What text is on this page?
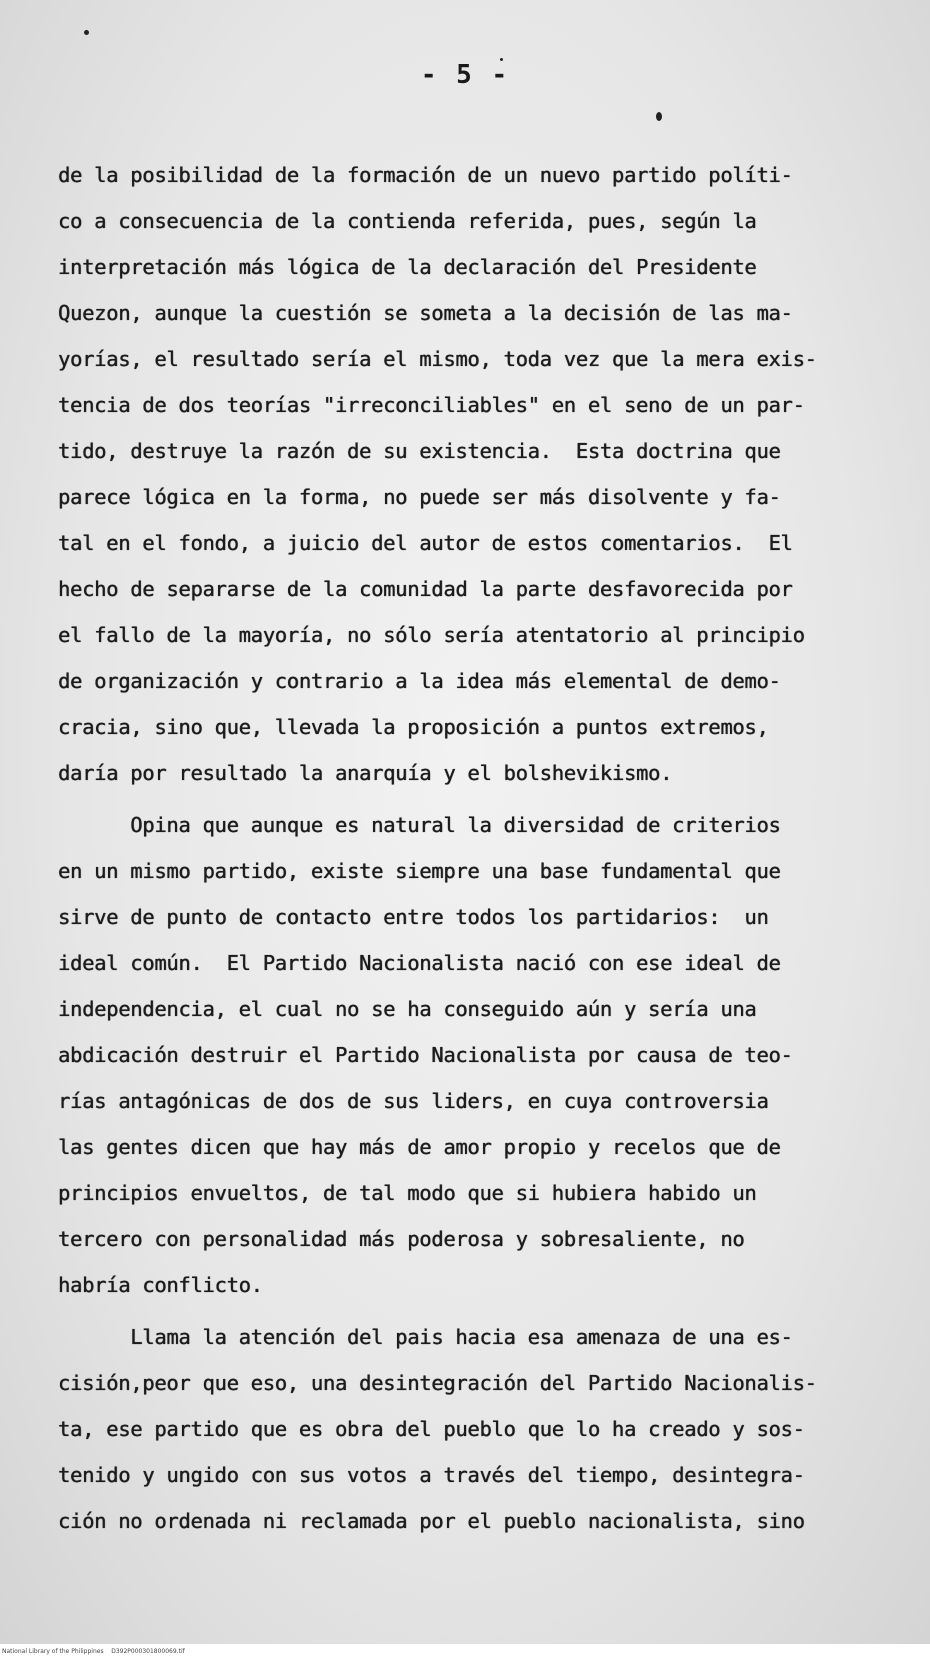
- 5 -
de la posibilidad de la formación de un nuevo partido políti-
co a consecuencia de la contienda referida, pues, según la
interpretación más lógica de la declaración del Presidente
Quezon, aunque la cuestión se someta a la decisión de las ma-
yorías, el resultado sería el mismo, toda vez que la mera exis-
tencia de dos teorías "irreconciliables" en el seno de un par-
tido, destruye la razón de su existencia.  Esta doctrina que
parece lógica en la forma, no puede ser más disolvente y fa-
tal en el fondo, a juicio del autor de estos comentarios.  El
hecho de separarse de la comunidad la parte desfavorecida por
el fallo de la mayoría, no sólo sería atentatorio al principio
de organización y contrario a la idea más elemental de demo-
cracia, sino que, llevada la proposición a puntos extremos,
daría por resultado la anarquía y el bolshevikismo.
Opina que aunque es natural la diversidad de criterios
en un mismo partido, existe siempre una base fundamental que
sirve de punto de contacto entre todos los partidarios:  un
ideal común.  El Partido Nacionalista nació con ese ideal de
independencia, el cual no se ha conseguido aún y sería una
abdicación destruir el Partido Nacionalista por causa de teo-
rías antagónicas de dos de sus liders, en cuya controversia
las gentes dicen que hay más de amor propio y recelos que de
principios envueltos, de tal modo que si hubiera habido un
tercero con personalidad más poderosa y sobresaliente, no
habría conflicto.
Llama la atención del pais hacia esa amenaza de una es-
cisión,peor que eso, una desintegración del Partido Nacionalis-
ta, ese partido que es obra del pueblo que lo ha creado y sos-
tenido y ungido con sus votos a través del tiempo, desintegra-
ción no ordenada ni reclamada por el pueblo nacionalista, sino
National Library of the Philippines    D392P000301800069.tif
